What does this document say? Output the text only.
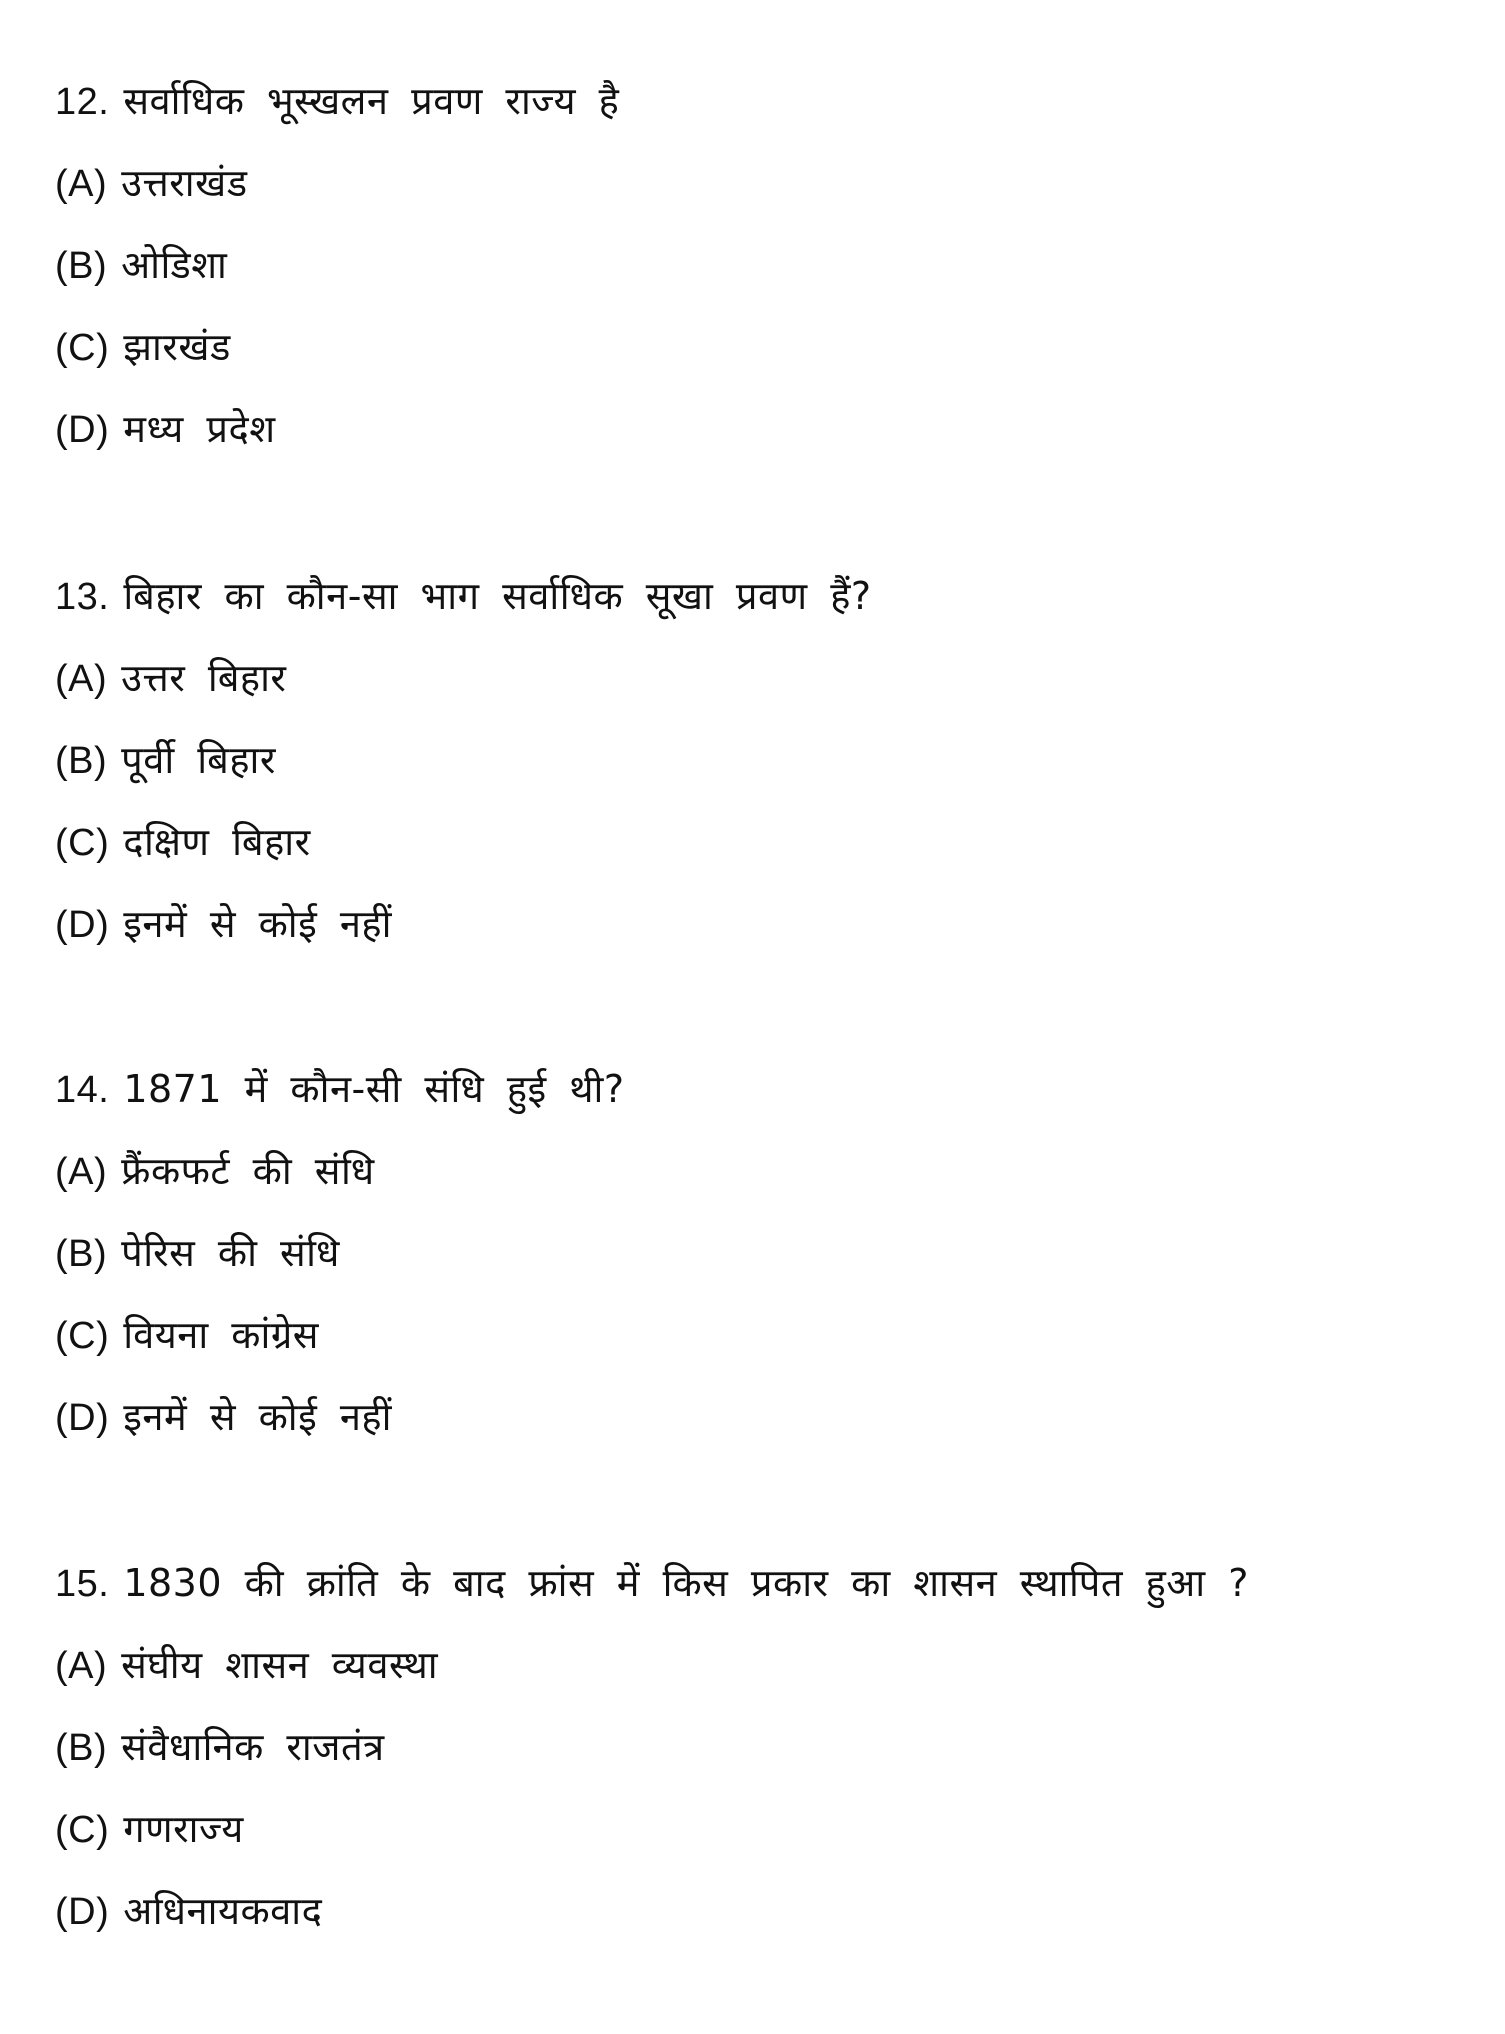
12. सर्वाधिक भूस्खलन प्रवण राज्य है
(A) उत्तराखंड
(B) ओडिशा
(C) झारखंड
(D) मध्य प्रदेश
13. बिहार का कौन-सा भाग सर्वाधिक सूखा प्रवण हैं?
(A) उत्तर बिहार
(B) पूर्वी बिहार
(C) दक्षिण बिहार
(D) इनमें से कोई नहीं
14. 1871 में कौन-सी संधि हुई थी?
(A) फ्रैंकफर्ट की संधि
(B) पेरिस की संधि
(C) वियना कांग्रेस
(D) इनमें से कोई नहीं
15. 1830 की क्रांति के बाद फ्रांस में किस प्रकार का शासन स्थापित हुआ ?
(A) संघीय शासन व्यवस्था
(B) संवैधानिक राजतंत्र
(C) गणराज्य
(D) अधिनायकवाद
